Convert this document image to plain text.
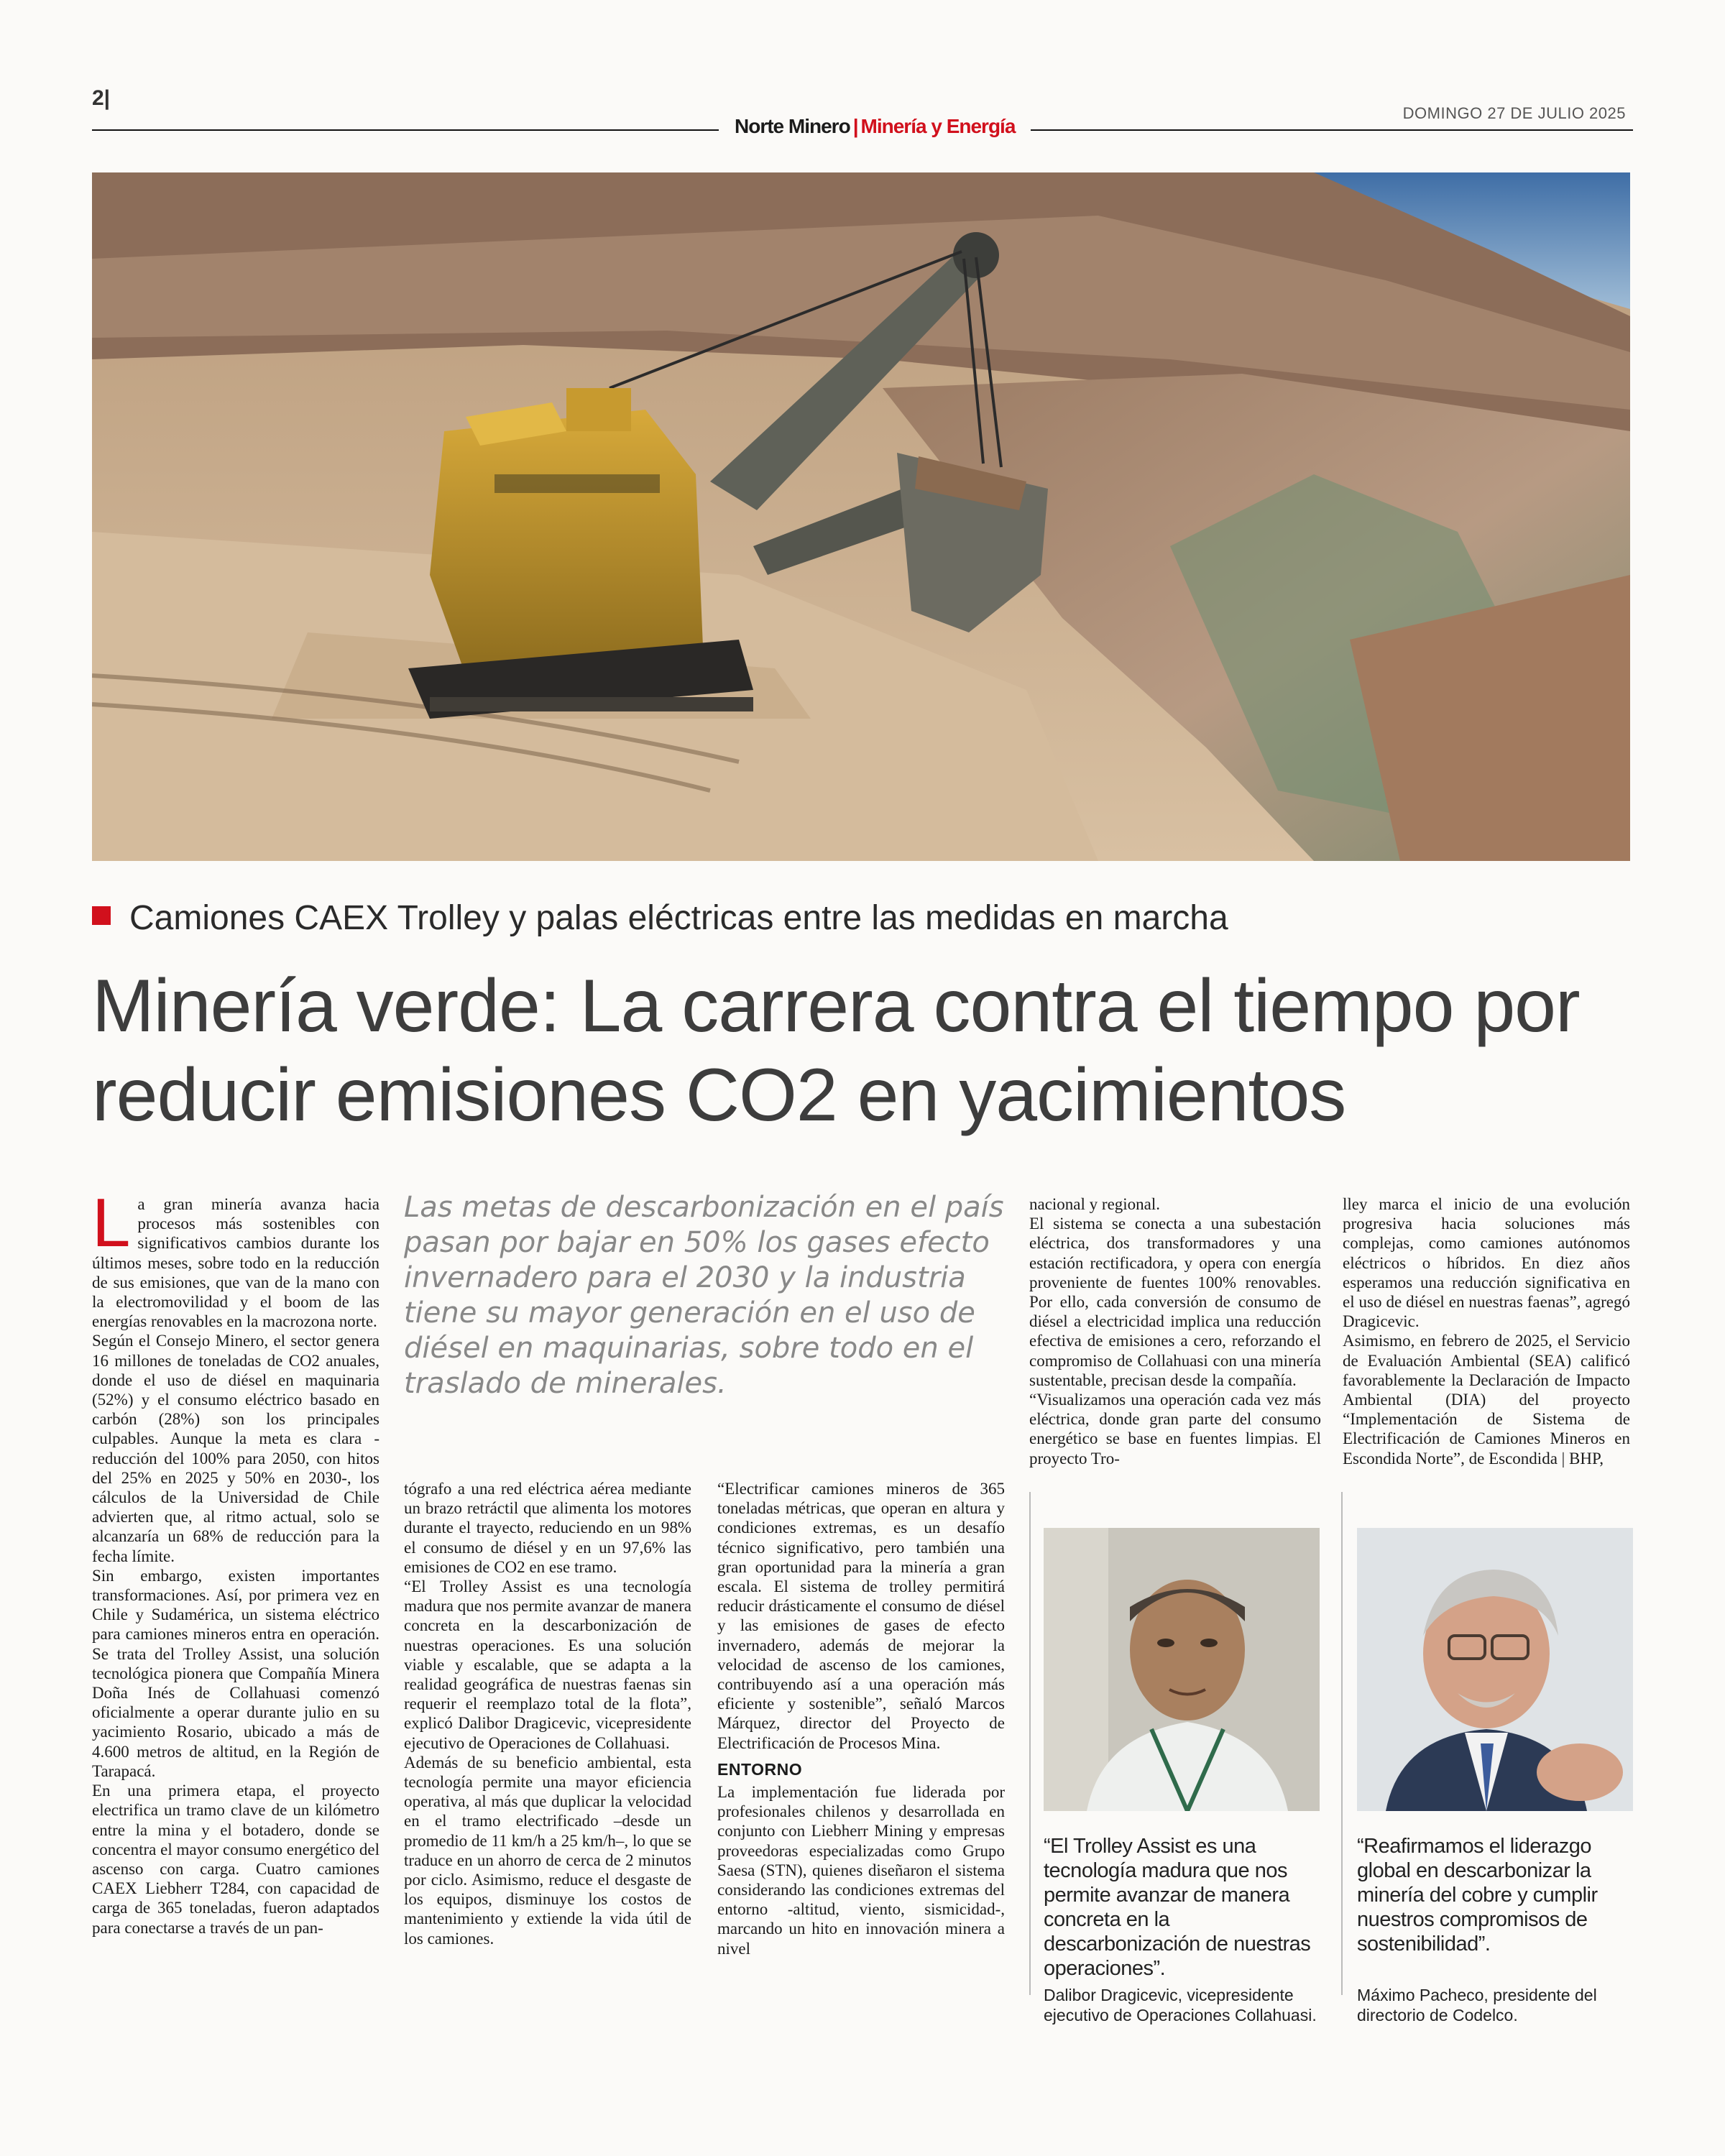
2|
Norte Minero | Minería y Energía
DOMINGO 27 DE JULIO 2025
Camiones CAEX Trolley y palas eléctricas entre las medidas en marcha
Minería verde: La carrera contra el tiempo por reducir emisiones CO2 en yacimientos
Las metas de descarbonización en el país pasan por bajar en 50% los gases efecto invernadero para el 2030 y la industria tiene su mayor generación en el uso de diésel en maquinarias, sobre todo en el traslado de minerales.

La gran minería avanza hacia procesos más sostenibles con significativos cambios durante los últimos meses, sobre todo en la reducción de sus emisiones, que van de la mano con la electromovilidad y el boom de las energías renovables en la macrozona norte.

Según el Consejo Minero, el sector genera 16 millones de toneladas de CO2 anuales, donde el uso de diésel en maquinaria (52%) y el consumo eléctrico basado en carbón (28%) son los principales culpables. Aunque la meta es clara -reducción del 100% para 2050, con hitos del 25% en 2025 y 50% en 2030-, los cálculos de la Universidad de Chile advierten que, al ritmo actual, solo se alcanzaría un 68% de reducción para la fecha límite.

Sin embargo, existen importantes transformaciones. Así, por primera vez en Chile y Sudamérica, un sistema eléctrico para camiones mineros entra en operación. Se trata del Trolley Assist, una solución tecnológica pionera que Compañía Minera Doña Inés de Collahuasi comenzó oficialmente a operar durante julio en su yacimiento Rosario, ubicado a más de 4.600 metros de altitud, en la Región de Tarapacá.

En una primera etapa, el proyecto electrifica un tramo clave de un kilómetro entre la mina y el botadero, donde se concentra el mayor consumo energético del ascenso con carga. Cuatro camiones CAEX Liebherr T284, con capacidad de carga de 365 toneladas, fueron adaptados para conectarse a través de un pan-

tógrafo a una red eléctrica aérea mediante un brazo retráctil que alimenta los motores durante el trayecto, reduciendo en un 98% el consumo de diésel y en un 97,6% las emisiones de CO2 en ese tramo.

“El Trolley Assist es una tecnología madura que nos permite avanzar de manera concreta en la descarbonización de nuestras operaciones. Es una solución viable y escalable, que se adapta a la realidad geográfica de nuestras faenas sin requerir el reemplazo total de la flota”, explicó Dalibor Dragicevic, vicepresidente ejecutivo de Operaciones de Collahuasi.

Además de su beneficio ambiental, esta tecnología permite una mayor eficiencia operativa, al más que duplicar la velocidad en el tramo electrificado –desde un promedio de 11 km/h a 25 km/h–, lo que se traduce en un ahorro de cerca de 2 minutos por ciclo. Asimismo, reduce el desgaste de los equipos, disminuye los costos de mantenimiento y extiende la vida útil de los camiones.

“Electrificar camiones mineros de 365 toneladas métricas, que operan en altura y condiciones extremas, es un desafío técnico significativo, pero también una gran oportunidad para la minería a gran escala. El sistema de trolley permitirá reducir drásticamente el consumo de diésel y las emisiones de gases de efecto invernadero, además de mejorar la velocidad de ascenso de los camiones, contribuyendo así a una operación más eficiente y sostenible”, señaló Marcos Márquez, director del Proyecto de Electrificación de Procesos Mina.

ENTORNO

La implementación fue liderada por profesionales chilenos y desarrollada en conjunto con Liebherr Mining y empresas proveedoras especializadas como Grupo Saesa (STN), quienes diseñaron el sistema considerando las condiciones extremas del entorno -altitud, viento, sismicidad-, marcando un hito en innovación minera a nivel

nacional y regional.

El sistema se conecta a una subestación eléctrica, dos transformadores y una estación rectificadora, y opera con energía proveniente de fuentes 100% renovables. Por ello, cada conversión de consumo de diésel a electricidad implica una reducción efectiva de emisiones a cero, reforzando el compromiso de Collahuasi con una minería sustentable, precisan desde la compañía.

“Visualizamos una operación cada vez más eléctrica, donde gran parte del consumo energético se base en fuentes limpias. El proyecto Tro-

lley marca el inicio de una evolución progresiva hacia soluciones más complejas, como camiones autónomos eléctricos o híbridos. En diez años esperamos una reducción significativa en el uso de diésel en nuestras faenas”, agregó Dragicevic.

Asimismo, en febrero de 2025, el Servicio de Evaluación Ambiental (SEA) calificó favorablemente la Declaración de Impacto Ambiental (DIA) del proyecto “Implementación de Sistema de Electrificación de Camiones Mineros en Escondida Norte”, de Escondida | BHP,

“El Trolley Assist es una tecnología madura que nos permite avanzar de manera concreta en la descarbonización de nuestras operaciones”.
“Reafirmamos el liderazgo global en descarbonizar la minería del cobre y cumplir nuestros compromisos de sostenibilidad”.
Dalibor Dragicevic, vicepresidente ejecutivo de Operaciones Collahuasi.
Máximo Pacheco, presidente del directorio de Codelco.
